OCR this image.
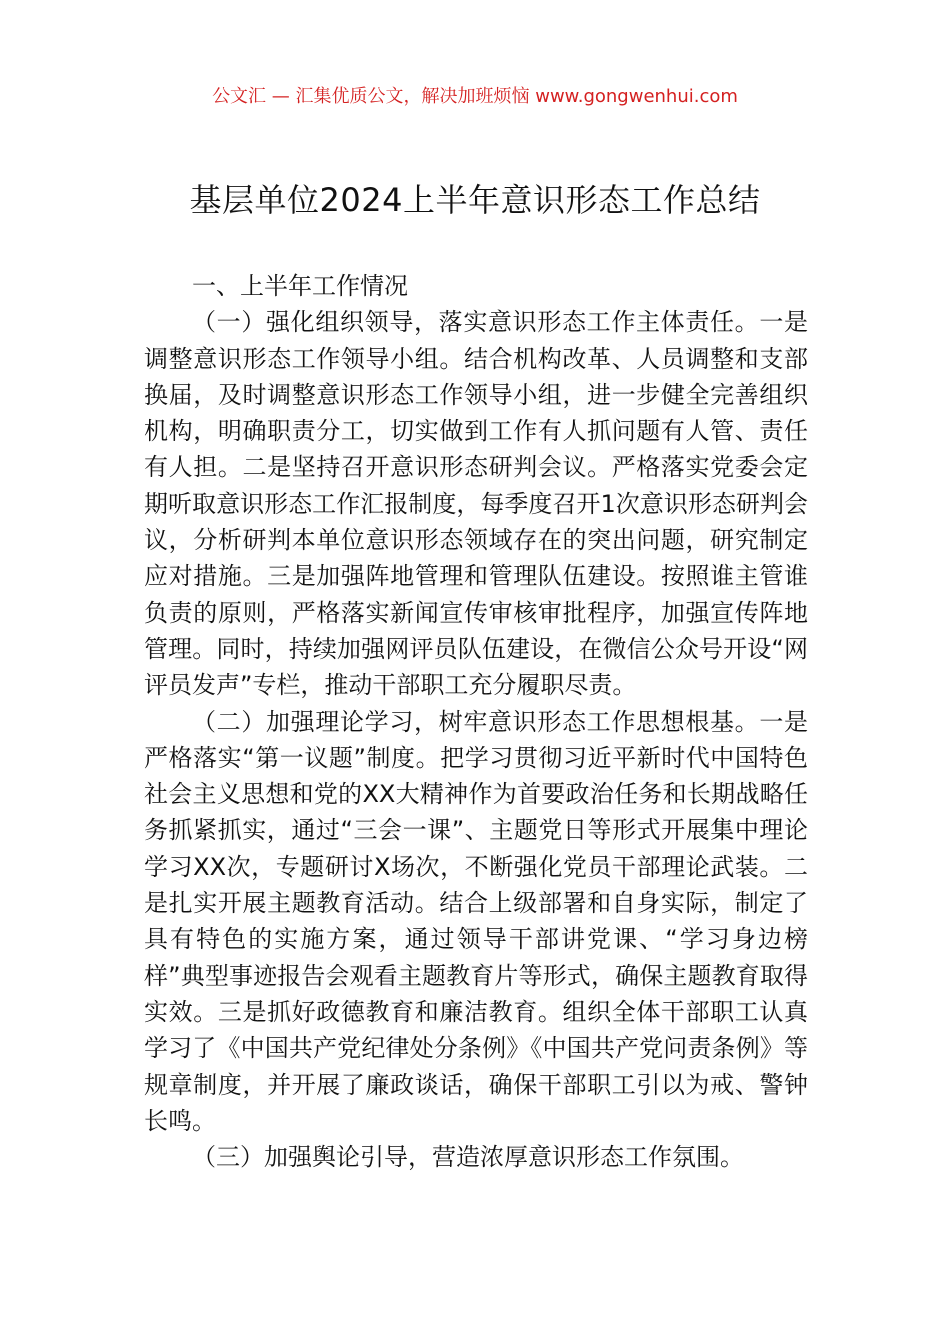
公文汇 — 汇集优质公文，解决加班烦恼 www.gongwenhui.com
基层单位2024上半年意识形态工作总结

一、上半年工作情况

（一）强化组织领导，落实意识形态工作主体责任。一是调整意识形态工作领导小组。结合机构改革、人员调整和支部换届，及时调整意识形态工作领导小组，进一步健全完善组织机构，明确职责分工，切实做到工作有人抓问题有人管、责任有人担。二是坚持召开意识形态研判会议。严格落实党委会定期听取意识形态工作汇报制度，每季度召开1次意识形态研判会议，分析研判本单位意识形态领域存在的突出问题，研究制定应对措施。三是加强阵地管理和管理队伍建设。按照谁主管谁负责的原则，严格落实新闻宣传审核审批程序，加强宣传阵地管理。同时，持续加强网评员队伍建设，在微信公众号开设“网评员发声”专栏，推动干部职工充分履职尽责。

（二）加强理论学习，树牢意识形态工作思想根基。一是严格落实“第一议题”制度。把学习贯彻习近平新时代中国特色社会主义思想和党的XX大精神作为首要政治任务和长期战略任务抓紧抓实，通过“三会一课”、主题党日等形式开展集中理论学习XX次，专题研讨X场次，不断强化党员干部理论武装。二是扎实开展主题教育活动。结合上级部署和自身实际，制定了具有特色的实施方案，通过领导干部讲党课、“学习身边榜样”典型事迹报告会观看主题教育片等形式，确保主题教育取得实效。三是抓好政德教育和廉洁教育。组织全体干部职工认真学习了《中国共产党纪律处分条例》《中国共产党问责条例》等规章制度，并开展了廉政谈话，确保干部职工引以为戒、警钟长鸣。

（三）加强舆论引导，营造浓厚意识形态工作氛围。
